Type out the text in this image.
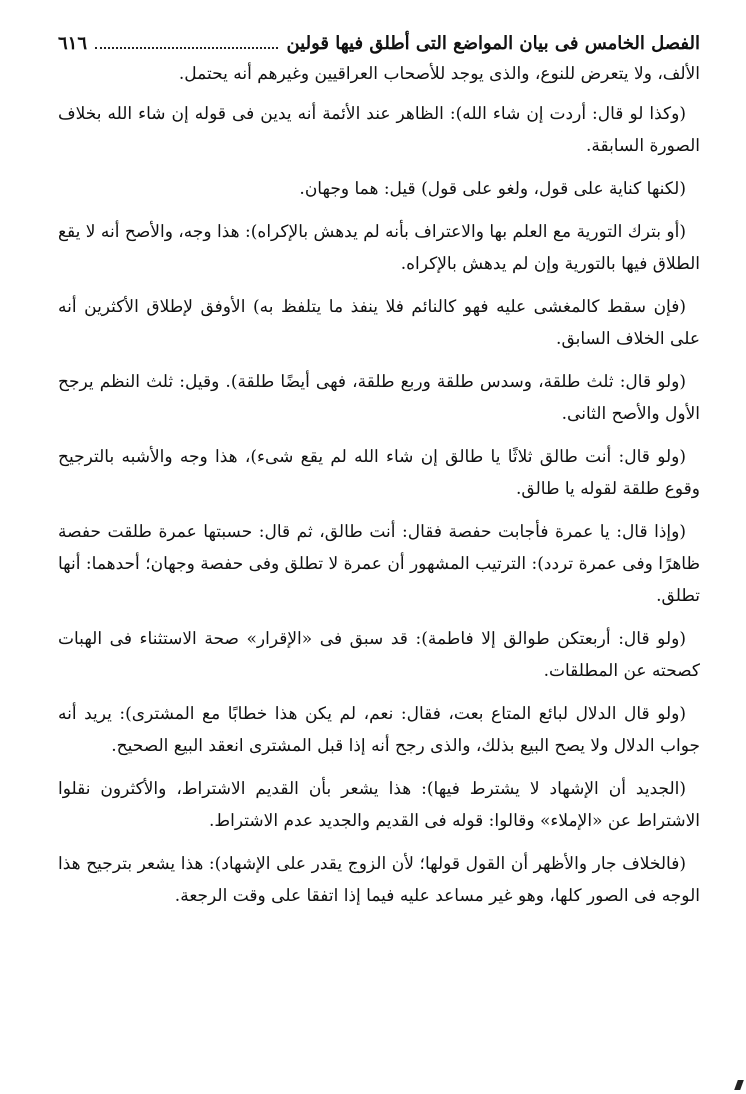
الفصل الخامس فى بيان المواضع التى أطلق فيها قولين
٦١٦

الألف، ولا يتعرض للنوع، والذى يوجد للأصحاب العراقيين وغيرهم أنه يحتمل.

(وكذا لو قال: أردت إن شاء الله): الظاهر عند الأئمة أنه يدين فى قوله إن شاء الله بخلاف الصورة السابقة.

(لكنها كناية على قول، ولغو على قول) قيل: هما وجهان.

(أو بترك التورية مع العلم بها والاعتراف بأنه لم يدهش بالإكراه): هذا وجه، والأصح أنه لا يقع الطلاق فيها بالتورية وإن لم يدهش بالإكراه.

(فإن سقط كالمغشى عليه فهو كالنائم فلا ينفذ ما يتلفظ به) الأوفق لإطلاق الأكثرين أنه على الخلاف السابق.

(ولو قال: ثلث طلقة، وسدس طلقة وربع طلقة، فهى أيضًا طلقة). وقيل: ثلث النظم يرجح الأول والأصح الثانى.

(ولو قال: أنت طالق ثلاثًا يا طالق إن شاء الله لم يقع شىء)، هذا وجه والأشبه بالترجيح وقوع طلقة لقوله يا طالق.

(وإذا قال: يا عمرة فأجابت حفصة فقال: أنت طالق، ثم قال: حسبتها عمرة طلقت حفصة ظاهرًا وفى عمرة تردد): الترتيب المشهور أن عمرة لا تطلق وفى حفصة وجهان؛ أحدهما: أنها تطلق.

(ولو قال: أربعتكن طوالق إلا فاطمة): قد سبق فى «الإقرار» صحة الاستثناء فى الهبات كصحته عن المطلقات.

(ولو قال الدلال لبائع المتاع بعت، فقال: نعم، لم يكن هذا خطابًا مع المشترى): يريد أنه جواب الدلال ولا يصح البيع بذلك، والذى رجح أنه إذا قبل المشترى انعقد البيع الصحيح.

(الجديد أن الإشهاد لا يشترط فيها): هذا يشعر بأن القديم الاشتراط، والأكثرون نقلوا الاشتراط عن «الإملاء» وقالوا: قوله فى القديم والجديد عدم الاشتراط.

(فالخلاف جار والأظهر أن القول قولها؛ لأن الزوج يقدر على الإشهاد): هذا يشعر بترجيح هذا الوجه فى الصور كلها، وهو غير مساعد عليه فيما إذا اتفقا على وقت الرجعة.
